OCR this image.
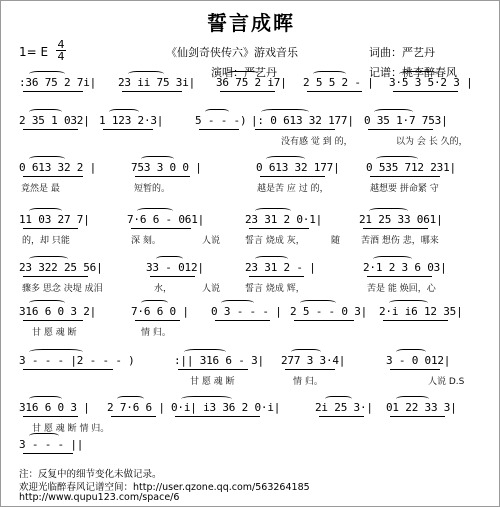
誓言成晖
1= E
4
4	《仙剑奇侠传六》游戏音乐
演唱：严艺丹
词曲：严艺丹
记谱：桃李醉春风
:36 75 2 7i| 23 ii 75 3i| 36 75 2 i7| 2 5 5 2 - | 3·5 3 5·2 3 |
2 35 1 032| 1 123 2·3|	5 - - -) |: 0 613 32 177| 0 35 1·7 753|
没有感 觉 到 的，	以为 会 长 久的，
0 613 32 2 |	753 3 0 0 |	0 613 32 177| 0 535 712 231|
竟然是 最	短暂的。	越是苦 应 过 的，	越想要 拼命紧 守
11 03 27 7|	7·6 6 - 061|	23 31 2 0·1|	21 25 33 061|
的，却 只能	深 刻。	人说	誓言 烧成 灰，	随 苦酒 想伤 悲，哪来
23 322 25 56|	33 - 012|	23 31 2 - |	2·1 2 3 6 03|
骤多 思念 决堤 成泪	水，	人说	誓言 烧成 辉，	苦是 能 焕回，心
316 6 0 3 2|	7·6 6 0 | 0 3 - - - | 2 5 - - 0 3| 2·i i6 12 35|
甘 愿 魂 断	情 归。
3 - - - |2 - - - )	:|| 316 6 - 3| 277 3 3·4|	3 - 0 012|
甘 愿 魂 断	情 归。	人说 D.S
316 6 0 3 | 2 7·6 6 | 0·i| i3 36 2 0·i|	2i 25 3·| 01 22 33 3|
甘 愿 魂 断 情 归。
3 - - - ||
注：反复中的细节变化未做记录。
欢迎光临醉春风记谱空间：http://user.qzone.qq.com/563264185
http://www.qupu123.com/space/6
